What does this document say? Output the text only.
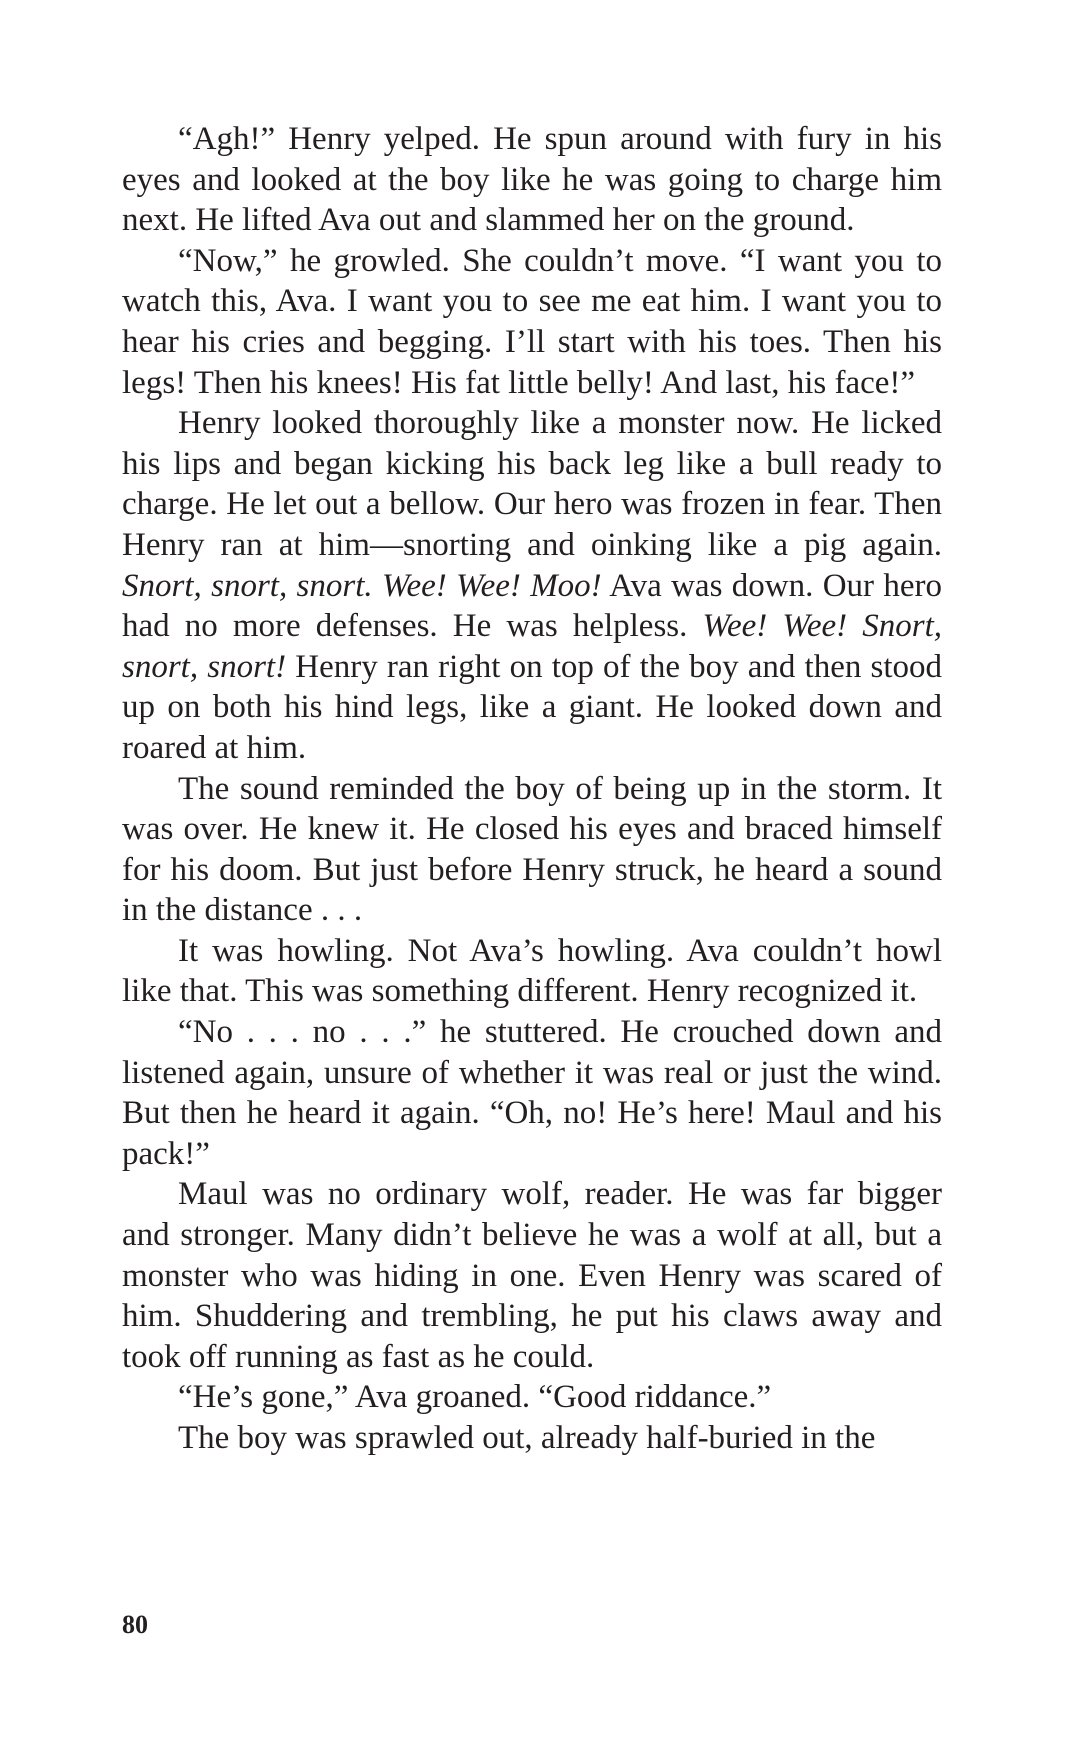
“Agh!” Henry yelped. He spun around with fury in his eyes and looked at the boy like he was going to charge him next. He lifted Ava out and slammed her on the ground.

“Now,” he growled. She couldn’t move. “I want you to watch this, Ava. I want you to see me eat him. I want you to hear his cries and begging. I’ll start with his toes. Then his legs! Then his knees! His fat little belly! And last, his face!”

Henry looked thoroughly like a monster now. He licked his lips and began kicking his back leg like a bull ready to charge. He let out a bellow. Our hero was frozen in fear. Then Henry ran at him—snorting and oinking like a pig again. Snort, snort, snort. Wee! Wee! Moo! Ava was down. Our hero had no more defenses. He was helpless. Wee! Wee! Snort, snort, snort! Henry ran right on top of the boy and then stood up on both his hind legs, like a giant. He looked down and roared at him.

The sound reminded the boy of being up in the storm. It was over. He knew it. He closed his eyes and braced himself for his doom. But just before Henry struck, he heard a sound in the distance . . .

It was howling. Not Ava’s howling. Ava couldn’t howl like that. This was something different. Henry recognized it.

“No . . . no . . .” he stuttered. He crouched down and listened again, unsure of whether it was real or just the wind. But then he heard it again. “Oh, no! He’s here! Maul and his pack!”

Maul was no ordinary wolf, reader. He was far bigger and stronger. Many didn’t believe he was a wolf at all, but a monster who was hiding in one. Even Henry was scared of him. Shuddering and trembling, he put his claws away and took off running as fast as he could.

“He’s gone,” Ava groaned. “Good riddance.”

The boy was sprawled out, already half-buried in the

80
